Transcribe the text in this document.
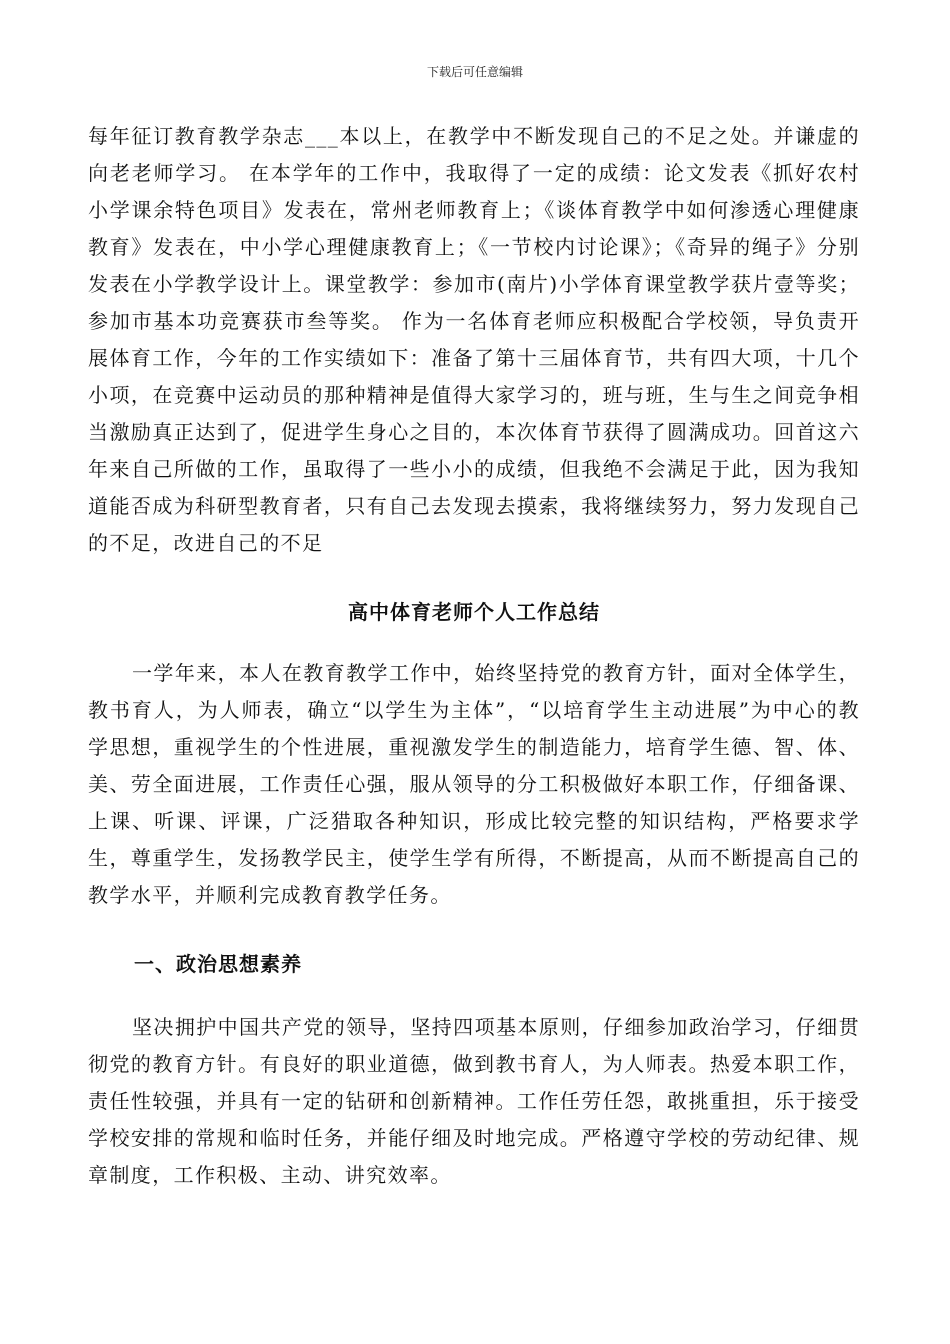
下载后可任意编辑

每年征订教育教学杂志___本以上，在教学中不断发现自己的不足之处。并谦虚的向老老师学习。 在本学年的工作中，我取得了一定的成绩：论文发表《抓好农村小学课余特色项目》发表在，常州老师教育上；《谈体育教学中如何渗透心理健康教育》发表在，中小学心理健康教育上；《一节校内讨论课》；《奇异的绳子》分别发表在小学教学设计上。课堂教学：参加市(南片)小学体育课堂教学获片壹等奖；参加市基本功竞赛获市叁等奖。 作为一名体育老师应积极配合学校领，导负责开展体育工作，今年的工作实绩如下：准备了第十三届体育节，共有四大项，十几个小项，在竞赛中运动员的那种精神是值得大家学习的，班与班，生与生之间竞争相当激励真正达到了，促进学生身心之目的，本次体育节获得了圆满成功。回首这六年来自己所做的工作，虽取得了一些小小的成绩，但我绝不会满足于此，因为我知道能否成为科研型教育者，只有自己去发现去摸索，我将继续努力，努力发现自己的不足，改进自己的不足

高中体育老师个人工作总结

一学年来，本人在教育教学工作中，始终坚持党的教育方针，面对全体学生，教书育人，为人师表，确立“以学生为主体”，“以培育学生主动进展”为中心的教学思想，重视学生的个性进展，重视激发学生的制造能力，培育学生德、智、体、美、劳全面进展，工作责任心强，服从领导的分工积极做好本职工作，仔细备课、上课、听课、评课，广泛猎取各种知识，形成比较完整的知识结构，严格要求学生，尊重学生，发扬教学民主，使学生学有所得，不断提高，从而不断提高自己的教学水平，并顺利完成教育教学任务。

一、政治思想素养

坚决拥护中国共产党的领导，坚持四项基本原则，仔细参加政治学习，仔细贯彻党的教育方针。有良好的职业道德，做到教书育人，为人师表。热爱本职工作，责任性较强，并具有一定的钻研和创新精神。工作任劳任怨，敢挑重担，乐于接受学校安排的常规和临时任务，并能仔细及时地完成。严格遵守学校的劳动纪律、规章制度，工作积极、主动、讲究效率。
